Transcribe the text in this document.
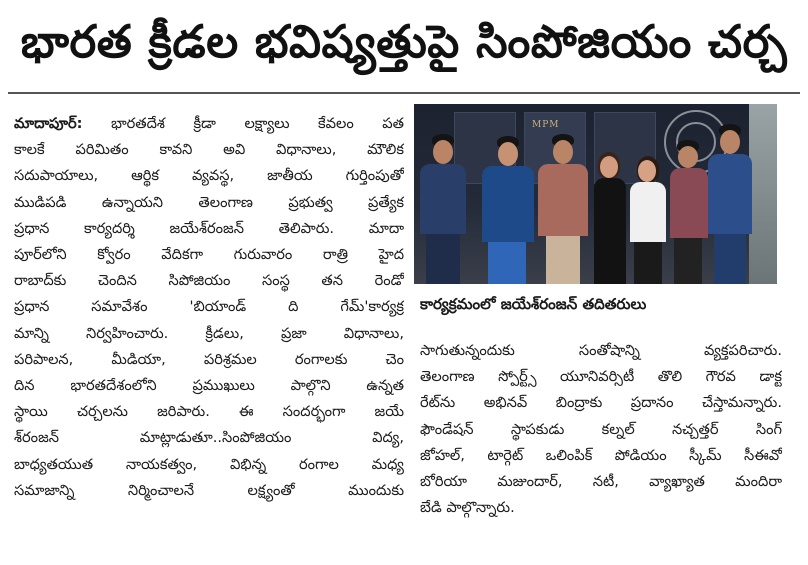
భారత క్రీడల భవిష్యత్తుపై సింపోజియం చర్చ
మాదాపూర్: భారతదేశ క్రీడా లక్ష్యాలు కేవలం పత
కాలకే పరిమితం కావని అవి విధానాలు, మౌలిక
సదుపాయాలు, ఆర్థిక వ్యవస్థ, జాతీయ గుర్తింపుతో
ముడిపడి ఉన్నాయని తెలంగాణ ప్రభుత్వ ప్రత్యేక
ప్రధాన కార్యదర్శి జయేశ్‌రంజన్ తెలిపారు. మాదా
పూర్‌లోని క్వోరం వేదికగా గురువారం రాత్రి హైద
రాబాద్‌కు చెందిన సిపోజియం సంస్థ తన రెండో
ప్రధాన సమావేశం 'బియాండ్ ది గేమ్'కార్యక్ర
మాన్ని నిర్వహించారు. క్రీడలు, ప్రజా విధానాలు,
పరిపాలన, మీడియా, పరిశ్రమల రంగాలకు చెం
దిన భారతదేశంలోని ప్రముఖులు పాల్గొని ఉన్నత
స్థాయి చర్చలను జరిపారు. ఈ సందర్భంగా జయే
శ్‌రంజన్ మాట్లాడుతూ..సింపోజియం విద్య,
బాధ్యతయుత నాయకత్వం, విభిన్న రంగాల మధ్య
సమాజాన్ని నిర్మించాలనే లక్ష్యంతో ముందుకు
MPM
కార్యక్రమంలో జయేశ్‌రంజన్ తదితరులు
సాగుతున్నందుకు సంతోషాన్ని వ్యక్తపరిచారు.
తెలంగాణ స్పోర్ట్స్ యూనివర్సిటీ తొలి గౌరవ డాక్ట
రేట్‌ను అభినవ్ బింద్రాకు ప్రదానం చేస్తామన్నారు.
ఫౌండేషన్ స్థాపకుడు కల్నల్ నచ్చత్తర్ సింగ్
జోహల్, టార్గెట్ ఒలింపిక్ పోడియం స్కీమ్ సీఈవో
బోరియా మజుందార్, నటీ, వ్యాఖ్యాత మందిరా
బేడి పాల్గొన్నారు.
